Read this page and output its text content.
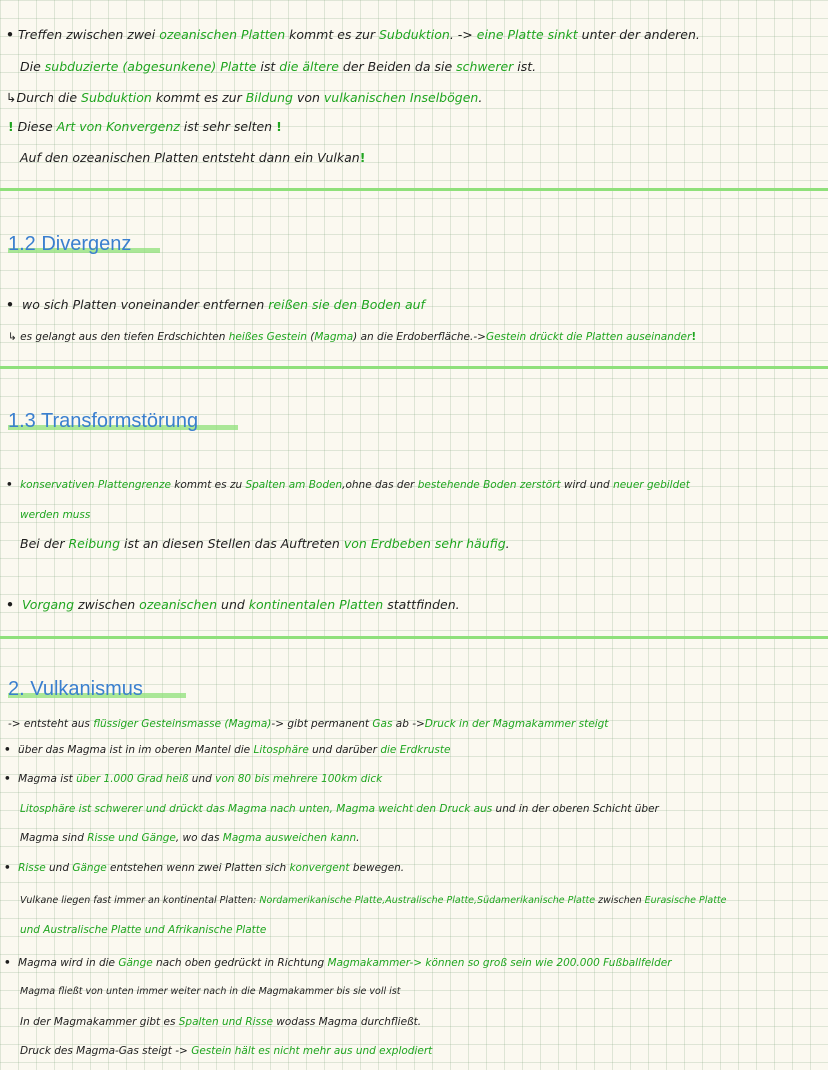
• Treffen zwischen zwei ozeanischen Platten kommt es zur Subduktion. -> eine Platte sinkt unter der anderen.
Die subduzierte (abgesunkene) Platte ist die ältere der Beiden da sie schwerer ist.
↳Durch die Subduktion kommt es zur Bildung von vulkanischen Inselbögen.
! Diese Art von Konvergenz ist sehr selten !
Auf den ozeanischen Platten entsteht dann ein Vulkan!
1.2 Divergenz
• wo sich Platten voneinander entfernen reißen sie den Boden auf
↳ es gelangt aus den tiefen Erdschichten heißes Gestein (Magma) an die Erdoberfläche.->Gestein drückt die Platten auseinander!
1.3 Transformstörung
• konservativen Plattengrenze kommt es zu Spalten am Boden,ohne das der bestehende Boden zerstört wird und neuer gebildet
werden muss
Bei der Reibung ist an diesen Stellen das Auftreten von Erdbeben sehr häufig.
• Vorgang zwischen ozeanischen und kontinentalen Platten stattfinden.
2. Vulkanismus
-> entsteht aus flüssiger Gesteinsmasse (Magma)-> gibt permanent Gas ab ->Druck in der Magmakammer steigt
• über das Magma ist in im oberen Mantel die Litosphäre und darüber die Erdkruste
• Magma ist über 1.000 Grad heiß und von 80 bis mehrere 100km dick
Litosphäre ist schwerer und drückt das Magma nach unten, Magma weicht den Druck aus und in der oberen Schicht über
Magma sind Risse und Gänge, wo das Magma ausweichen kann.
• Risse und Gänge entstehen wenn zwei Platten sich konvergent bewegen.
Vulkane liegen fast immer an kontinental Platten: Nordamerikanische Platte,Australische Platte,Südamerikanische Platte zwischen Eurasische Platte
und Australische Platte und Afrikanische Platte
• Magma wird in die Gänge nach oben gedrückt in Richtung Magmakammer-> können so groß sein wie 200.000 Fußballfelder
Magma fließt von unten immer weiter nach in die Magmakammer bis sie voll ist
In der Magmakammer gibt es Spalten und Risse wodass Magma durchfließt.
Druck des Magma-Gas steigt -> Gestein hält es nicht mehr aus und explodiert
